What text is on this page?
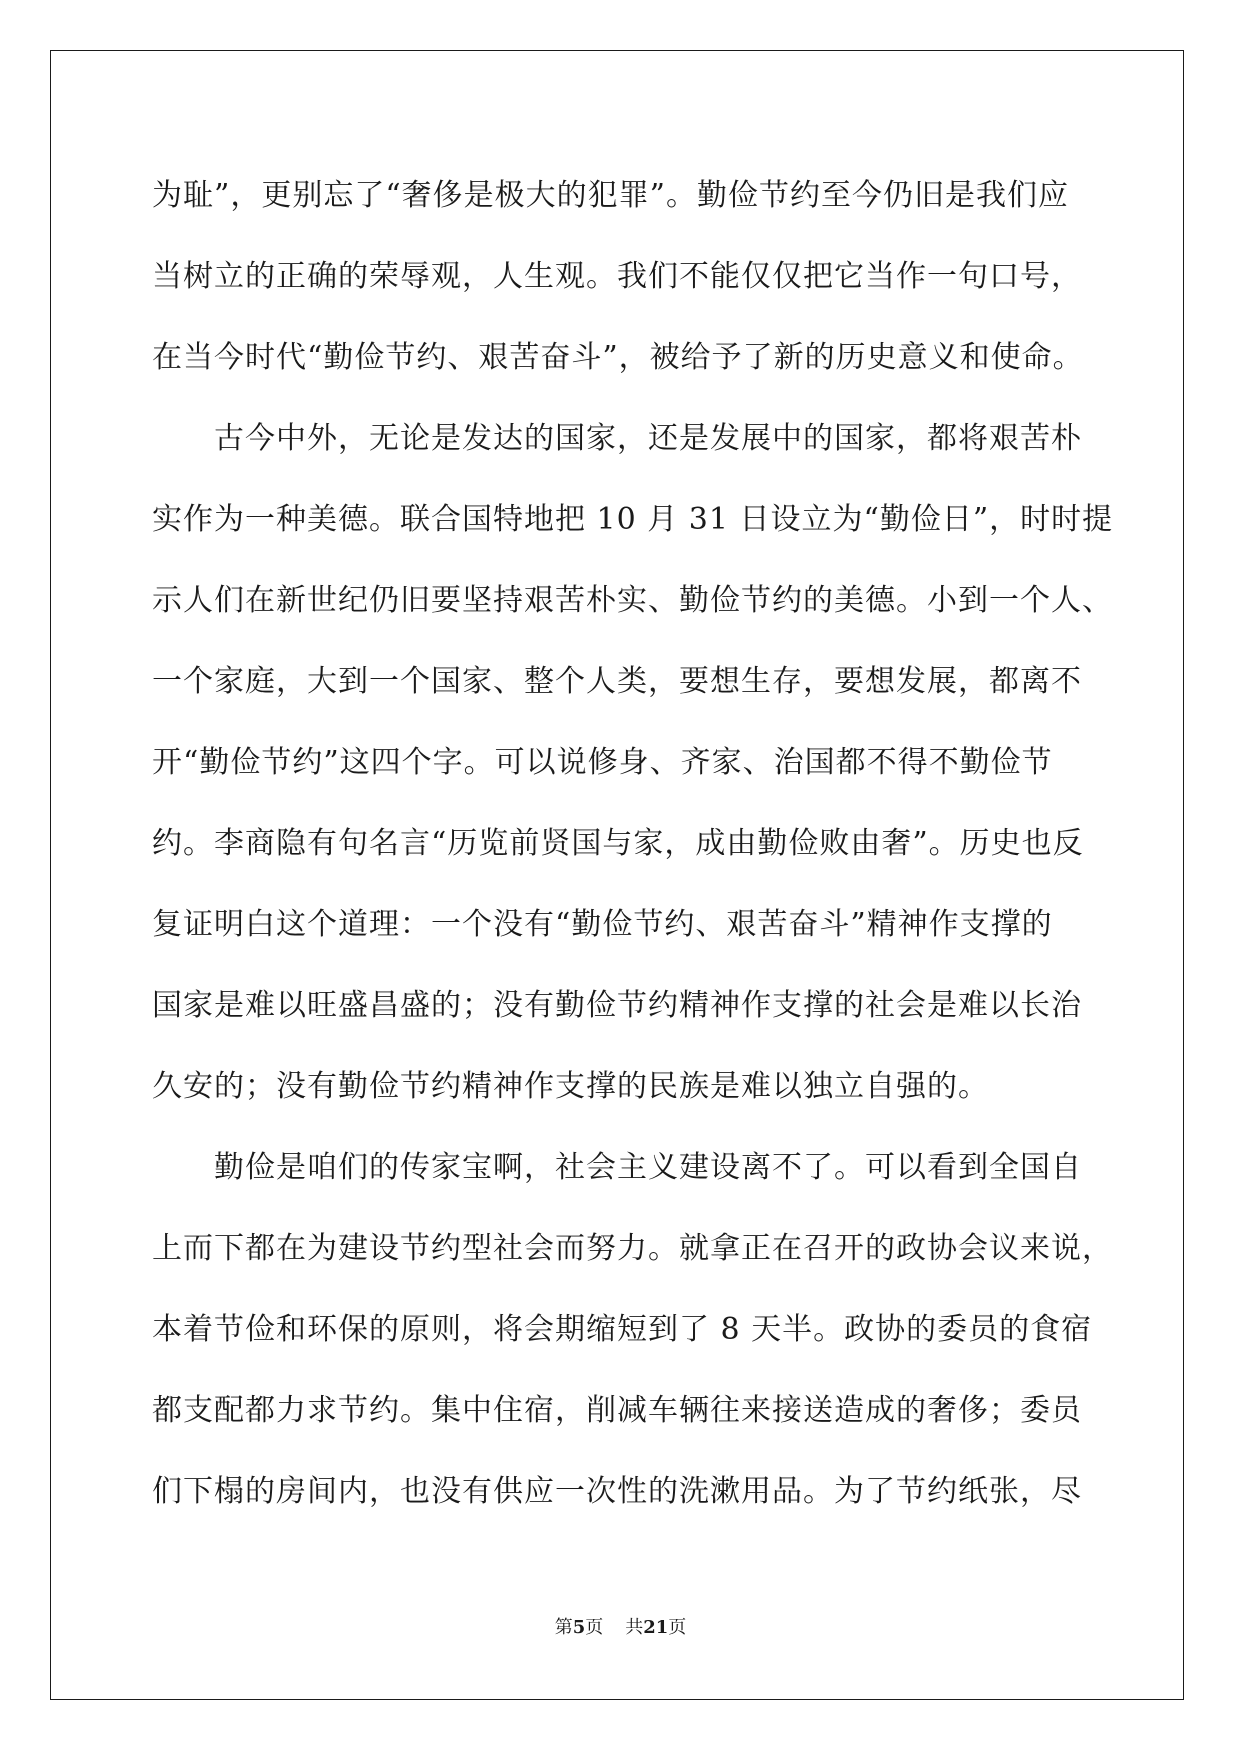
为耻”，更别忘了“奢侈是极大的犯罪”。勤俭节约至今仍旧是我们应
当树立的正确的荣辱观，人生观。我们不能仅仅把它当作一句口号，
在当今时代“勤俭节约、艰苦奋斗”，被给予了新的历史意义和使命。
　　古今中外，无论是发达的国家，还是发展中的国家，都将艰苦朴
实作为一种美德。联合国特地把 10 月 31 日设立为“勤俭日”，时时提
示人们在新世纪仍旧要坚持艰苦朴实、勤俭节约的美德。小到一个人、
一个家庭，大到一个国家、整个人类，要想生存，要想发展，都离不
开“勤俭节约”这四个字。可以说修身、齐家、治国都不得不勤俭节
约。李商隐有句名言“历览前贤国与家，成由勤俭败由奢”。历史也反
复证明白这个道理：一个没有“勤俭节约、艰苦奋斗”精神作支撑的
国家是难以旺盛昌盛的；没有勤俭节约精神作支撑的社会是难以长治
久安的；没有勤俭节约精神作支撑的民族是难以独立自强的。
　　勤俭是咱们的传家宝啊，社会主义建设离不了。可以看到全国自
上而下都在为建设节约型社会而努力。就拿正在召开的政协会议来说，
本着节俭和环保的原则，将会期缩短到了 8 天半。政协的委员的食宿
都支配都力求节约。集中住宿，削减车辆往来接送造成的奢侈；委员
们下榻的房间内，也没有供应一次性的洗漱用品。为了节约纸张，尽
第5页 共21页
